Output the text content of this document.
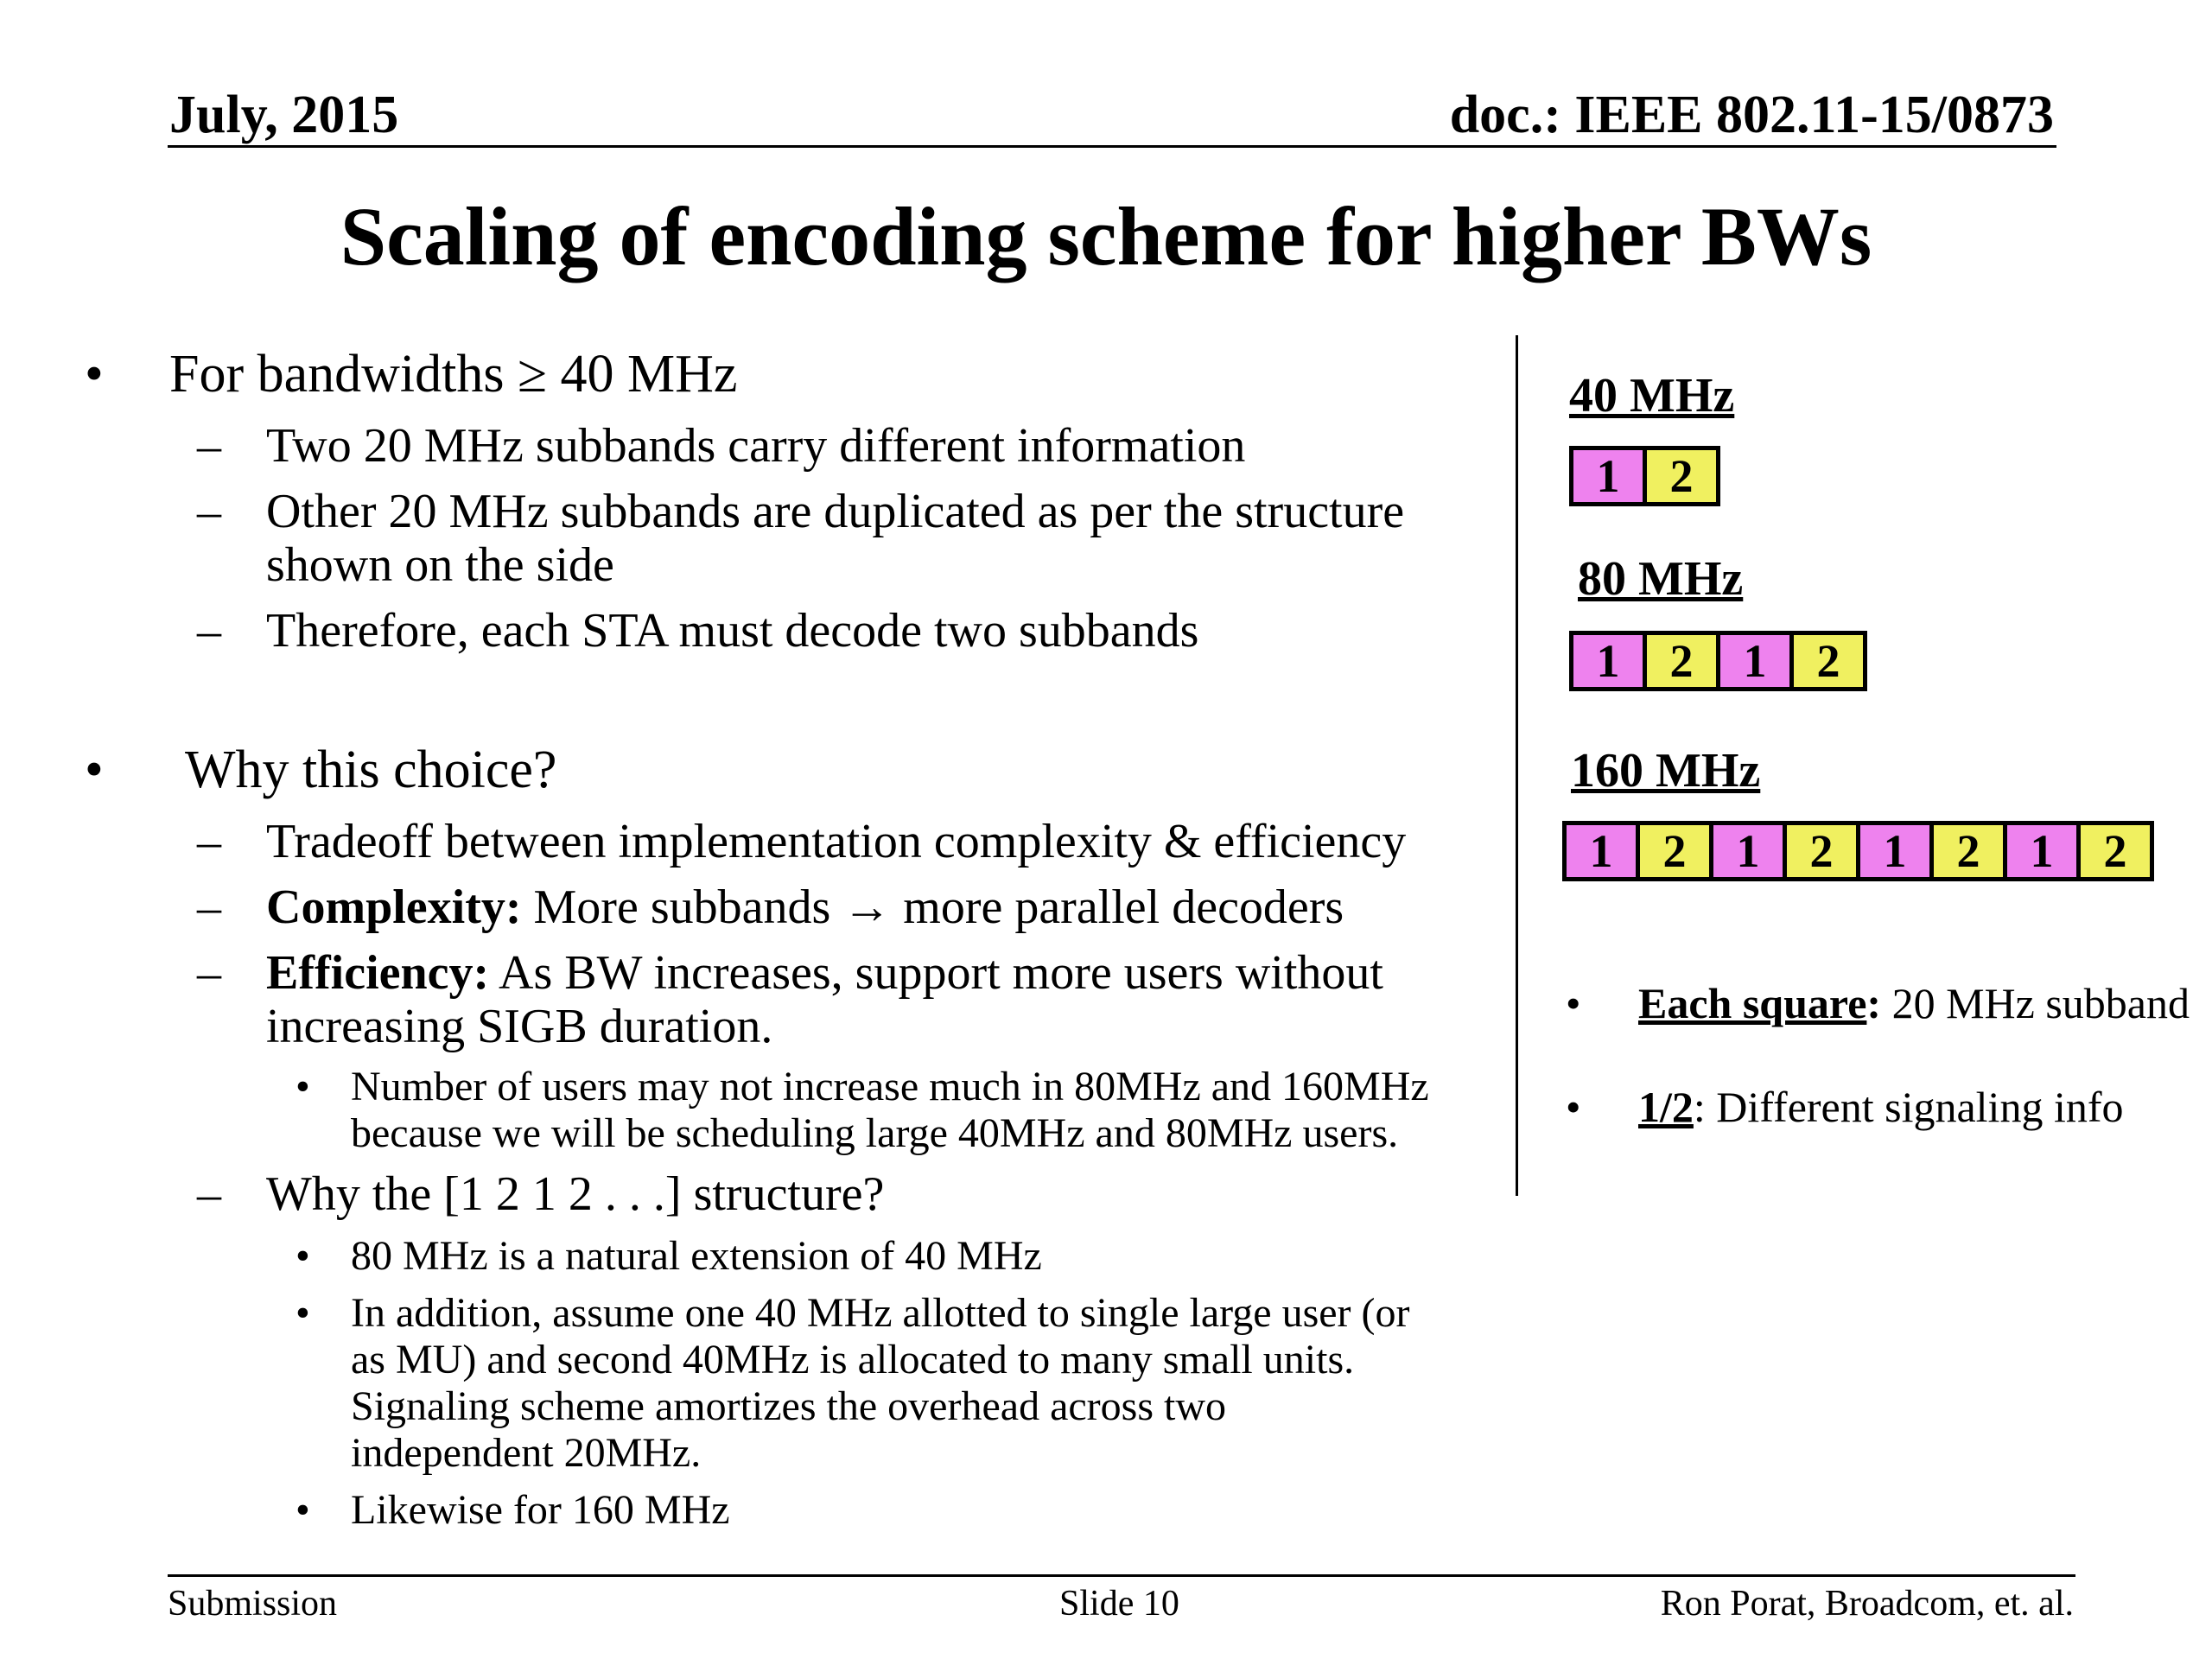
July, 2015	doc.: IEEE 802.11-15/0873
Scaling of encoding scheme for higher BWs
• For bandwidths ≥ 40 MHz
– Two 20 MHz subbands carry different information
– Other 20 MHz subbands are duplicated as per the structure
shown on the side
– Therefore, each STA must decode two subbands
• Why this choice?
– Tradeoff between implementation complexity & efficiency
– Complexity: More subbands → more parallel decoders
– Efficiency: As BW increases, support more users without
increasing SIGB duration.
• Number of users may not increase much in 80MHz and 160MHz
because we will be scheduling large 40MHz and 80MHz users.
– Why the [1 2 1 2 . . .] structure?
• 80 MHz is a natural extension of 40 MHz
• In addition, assume one 40 MHz allotted to single large user (or
as MU) and second 40MHz is allocated to many small units.
Signaling scheme amortizes the overhead across two
independent 20MHz.
• Likewise for 160 MHz
40 MHz
1	2
80 MHz
1	2	1	2
160 MHz
1	2	1	2	1	2	1	2
• Each square: 20 MHz subband
• 1/2: Different signaling info
Submission	Slide 10	Ron Porat, Broadcom, et. al.
